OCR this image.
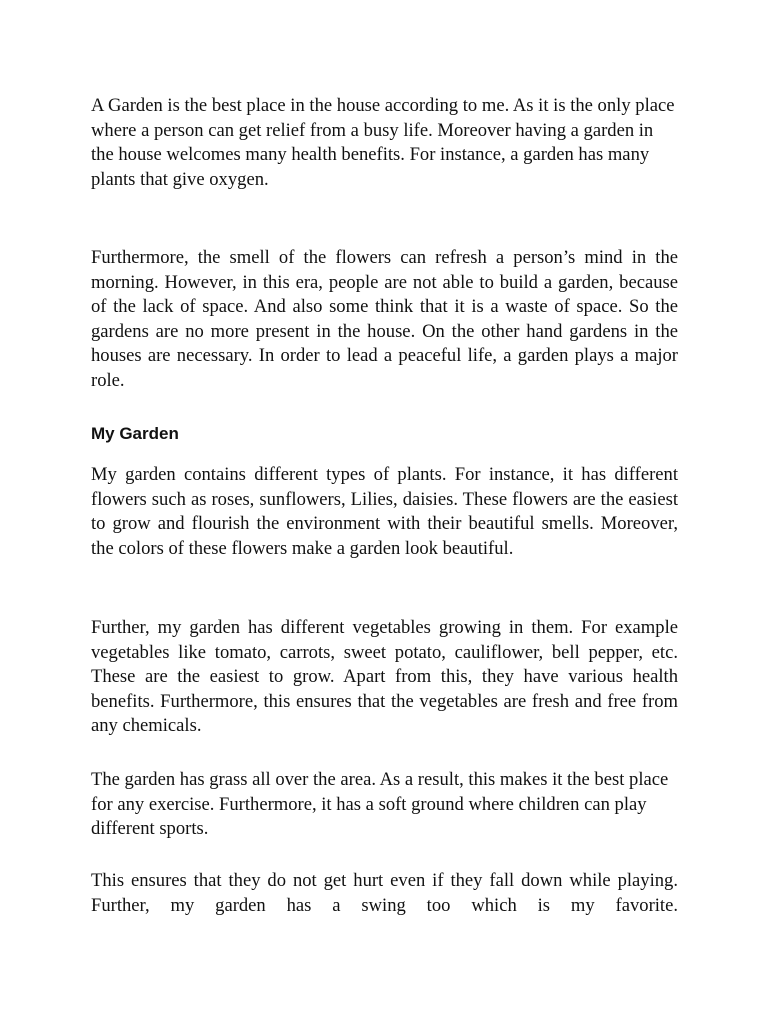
A Garden is the best place in the house according to me. As it is the only place where a person can get relief from a busy life. Moreover having a garden in the house welcomes many health benefits. For instance, a garden has many plants that give oxygen.

Furthermore, the smell of the flowers can refresh a person’s mind in the morning. However, in this era, people are not able to build a garden, because of the lack of space. And also some think that it is a waste of space. So the gardens are no more present in the house. On the other hand gardens in the houses are necessary. In order to lead a peaceful life, a garden plays a major role.

My Garden

My garden contains different types of plants. For instance, it has different flowers such as roses, sunflowers, Lilies, daisies. These flowers are the easiest to grow and flourish the environment with their beautiful smells. Moreover, the colors of these flowers make a garden look beautiful.

Further, my garden has different vegetables growing in them. For example vegetables like tomato, carrots, sweet potato, cauliflower, bell pepper, etc. These are the easiest to grow. Apart from this, they have various health benefits. Furthermore, this ensures that the vegetables are fresh and free from any chemicals.

The garden has grass all over the area. As a result, this makes it the best place for any exercise. Furthermore, it has a soft ground where children can play different sports.

This ensures that they do not get hurt even if they fall down while playing. Further, my garden has a swing too which is my favorite.
